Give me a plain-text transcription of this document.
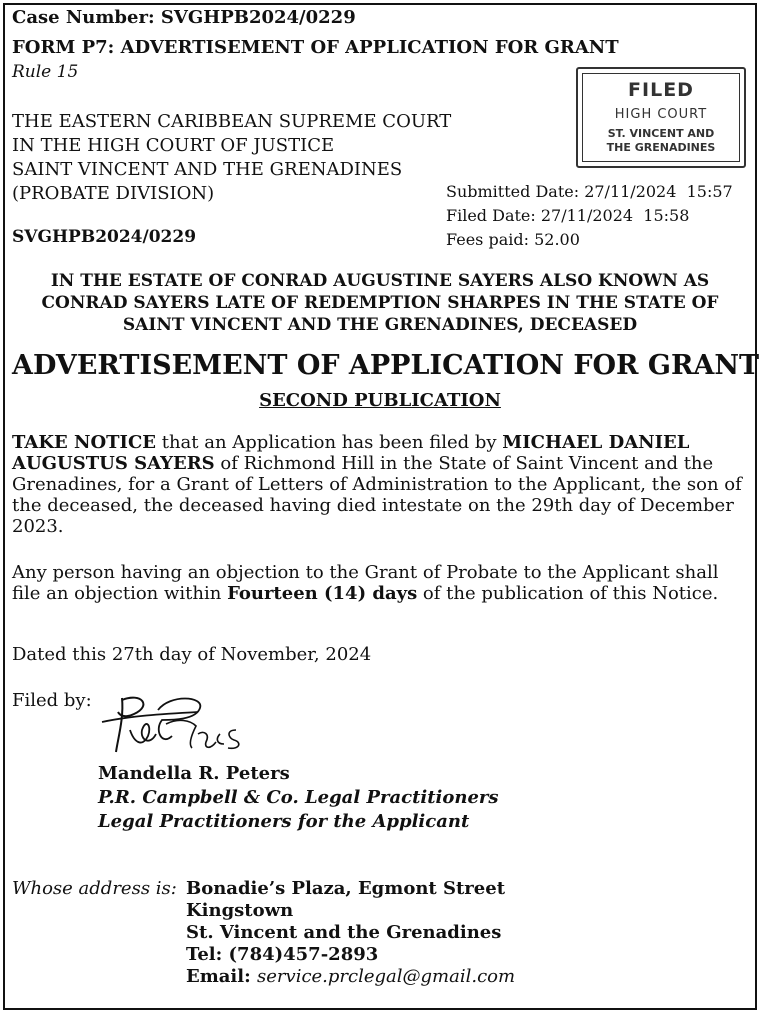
Case Number: SVGHPB2024/0229
FORM P7: ADVERTISEMENT OF APPLICATION FOR GRANT
Rule 15
THE EASTERN CARIBBEAN SUPREME COURT
IN THE HIGH COURT OF JUSTICE
SAINT VINCENT AND THE GRENADINES
(PROBATE DIVISION)
SVGHPB2024/0229
FILED
HIGH COURT
ST. VINCENT AND
THE GRENADINES
Submitted Date: 27/11/2024  15:57
Filed Date: 27/11/2024  15:58
Fees paid: 52.00
IN THE ESTATE OF CONRAD AUGUSTINE SAYERS ALSO KNOWN AS CONRAD SAYERS LATE OF REDEMPTION SHARPES IN THE STATE OF SAINT VINCENT AND THE GRENADINES, DECEASED
ADVERTISEMENT OF APPLICATION FOR GRANT
SECOND PUBLICATION
TAKE NOTICE that an Application has been filed by MICHAEL DANIEL AUGUSTUS SAYERS of Richmond Hill in the State of Saint Vincent and the Grenadines, for a Grant of Letters of Administration to the Applicant, the son of the deceased, the deceased having died intestate on the 29th day of December 2023.
Any person having an objection to the Grant of Probate to the Applicant shall file an objection within Fourteen (14) days of the publication of this Notice.
Dated this 27th day of November, 2024
Filed by:
Mandella R. Peters
P.R. Campbell & Co. Legal Practitioners
Legal Practitioners for the Applicant
Whose address is: Bonadie’s Plaza, Egmont Street
Kingstown
St. Vincent and the Grenadines
Tel: (784)457-2893
Email: service.prclegal@gmail.com
